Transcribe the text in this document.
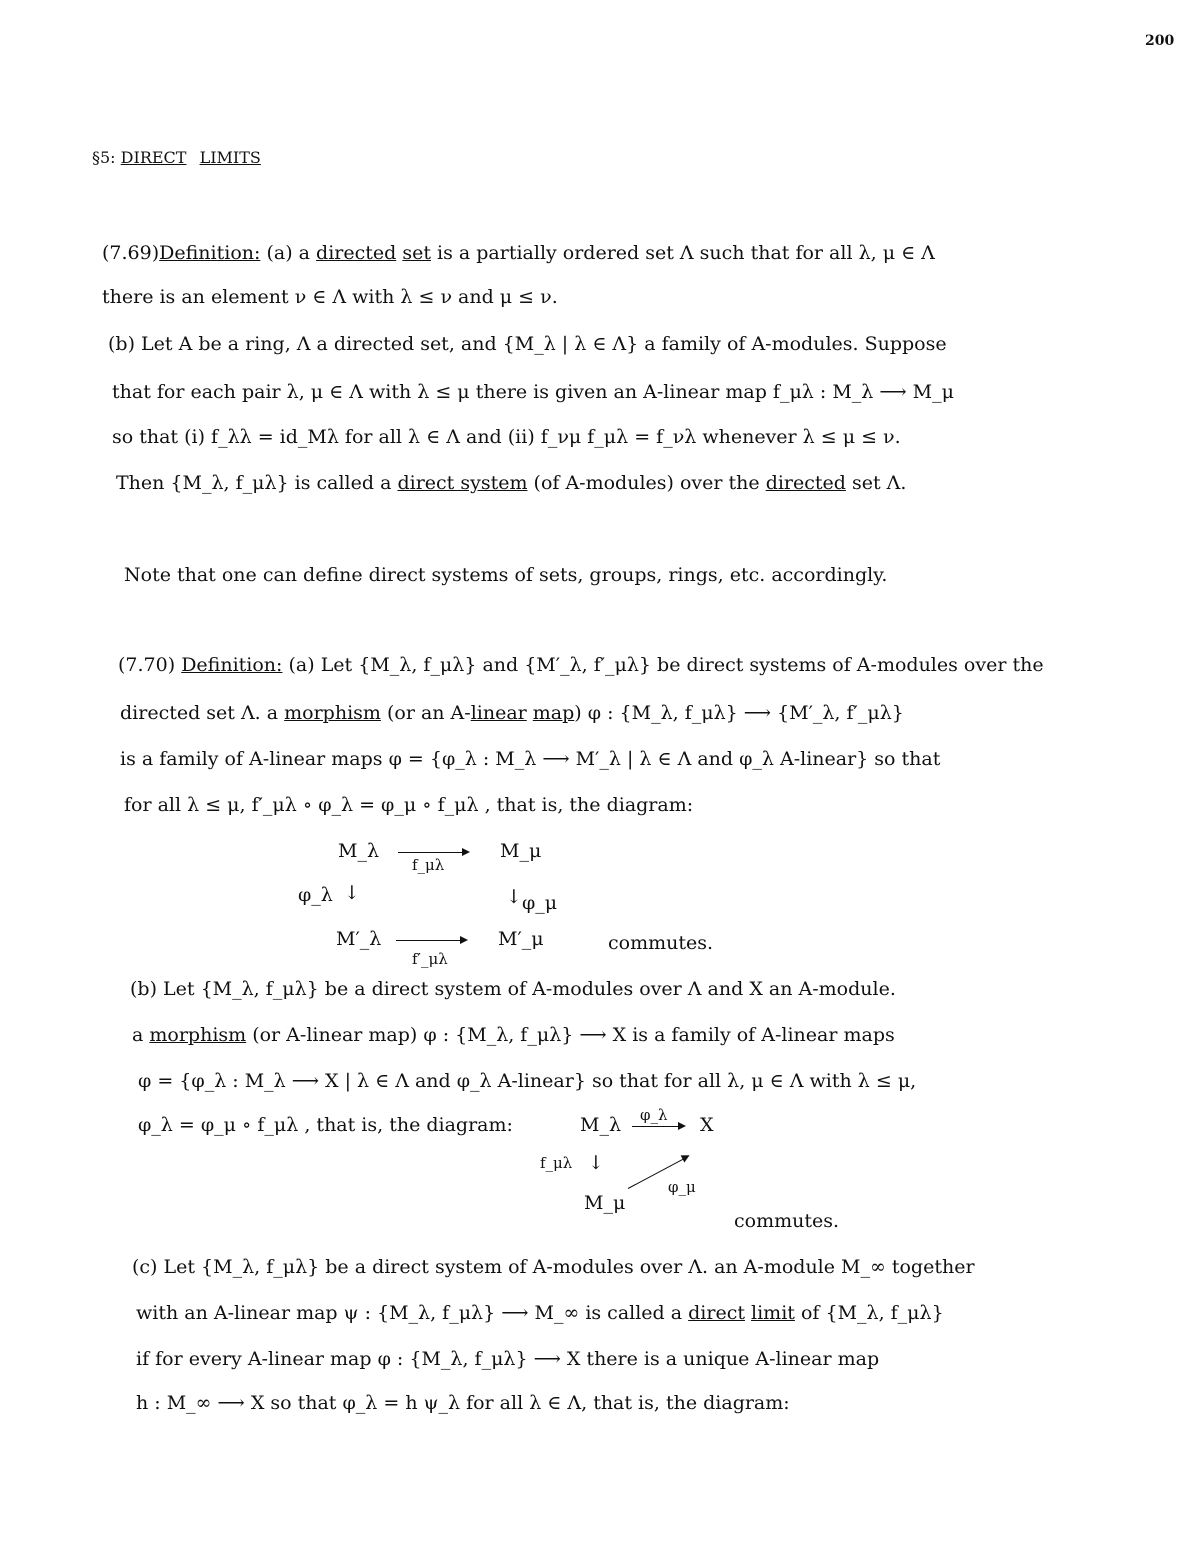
200
§5: DIRECT LIMITS
(7.69)Definition: (a) a directed set is a partially ordered set Λ such that for all λ, μ ∈ Λ
there is an element ν ∈ Λ with λ ≤ ν and μ ≤ ν.
(b) Let A be a ring, Λ a directed set, and {M_λ | λ ∈ Λ} a family of A-modules. Suppose
that for each pair λ, μ ∈ Λ with λ ≤ μ there is given an A-linear map f_μλ : M_λ ⟶ M_μ
so that (i) f_λλ = id_Mλ for all λ ∈ Λ and (ii) f_νμ f_μλ = f_νλ whenever λ ≤ μ ≤ ν.
Then {M_λ, f_μλ} is called a direct system (of A-modules) over the directed set Λ.
Note that one can define direct systems of sets, groups, rings, etc. accordingly.
(7.70) Definition: (a) Let {M_λ, f_μλ} and {M′_λ, f′_μλ} be direct systems of A-modules over the
directed set Λ. a morphism (or an A-linear map) φ : {M_λ, f_μλ} ⟶ {M′_λ, f′_μλ}
is a family of A-linear maps φ = {φ_λ : M_λ ⟶ M′_λ | λ ∈ Λ and φ_λ A-linear} so that
for all λ ≤ μ, f′_μλ ∘ φ_λ = φ_μ ∘ f_μλ , that is, the diagram:
M_λ
f_μλ
M_μ
φ_λ ↓	↓ φ_μ
M′_λ
f′_μλ
M′_μ	commutes.
(b) Let {M_λ, f_μλ} be a direct system of A-modules over Λ and X an A-module.
a morphism (or A-linear map) φ : {M_λ, f_μλ} ⟶ X is a family of A-linear maps
φ = {φ_λ : M_λ ⟶ X | λ ∈ Λ and φ_λ A-linear} so that for all λ, μ ∈ Λ with λ ≤ μ,
φ_λ = φ_μ ∘ f_μλ , that is, the diagram:	M_λ φ_λ X
f_μλ ↓
φ_μ
M_μ
commutes.
(c) Let {M_λ, f_μλ} be a direct system of A-modules over Λ. an A-module M_∞ together
with an A-linear map ψ : {M_λ, f_μλ} ⟶ M_∞ is called a direct limit of {M_λ, f_μλ}
if for every A-linear map φ : {M_λ, f_μλ} ⟶ X there is a unique A-linear map
h : M_∞ ⟶ X so that φ_λ = h ψ_λ for all λ ∈ Λ, that is, the diagram:
